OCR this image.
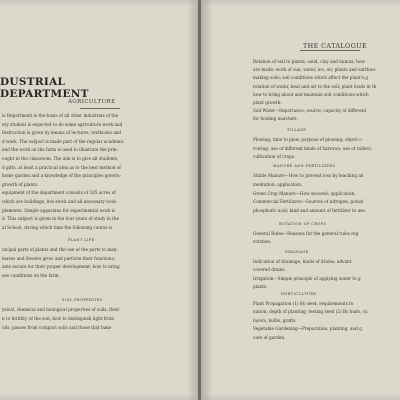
DUSTRIAL DEPARTMENT
AGRICULTURE
is Department is the basis of all other industries of the
ery student is expected to do some agriculture work and
Instruction is given by means of lectures, textbooks and
d work. The subject is made part of the regular academic
and the work on the farm is used to illustrate the prin-
ought in the classroom. The aim is to give all students,
d girls, at least a practical idea as to the best method of
home garden and a knowledge of the principles govern-
growth of plants.
equipment of the department consists of 185 acres of
which are buildings, live stock and all necessary tools
plements. Simple apparatus for experimental work is
d. This subject is given in the four years of study in the
al School, during which time the following course is
PLANT LIFE
incipal parts of plants and the use of the parts to man;
leaves and flowers grow and perform their functions;
ants secure for their proper development; how to bring
ese conditions on the farm.
SOIL PROPERTIES
ysical, chemical and biological properties of soils, their
n to fertility of the soil; how to distinguish light from
oils; passes from compact soils and those that bake
Relation of soil to plants; sand, clay and humus; how
are made; work of sun, water, ice, air, plants and earthwo
making soils; soil conditions which affect the plant's g
relation of water, heat and air to the soil; plant foods in th
how to bring about and maintain soil conditions which
plant growth.
Soil Water—Importance; source; capacity of different
for holding moisture.
TILLAGE
Plowing; time to plow, purpose of plowing; object o
rowing; use of different kinds of harrows; use of rollers;
cultivation of crops.
MANURE AND FERTILIZERS
Stable Manure—How to prevent loss by leaching an
mentation; application.
Green Crop Manure—How secured; application.
Commercial Fertilizers—Sources of nitrogen, potasl
phosphoric acid; kind and amount of fertilizer to use.
ROTATION OF CROPS
General Rules—Reasons for the general rules reg
rotation.
DRAINAGE
Indication of drainage, kinds of drains; advant
covered drains.
Irrigation—Simple principle of applying water to g
plants.
HORTICULTURE
Plant Propagation (1) By seed; requirements fo
nation; depth of planting; testing seed (2) By buds, cu
layers, bulbs, grafts.
Vegetable Gardening—Preparation, planting, and g
care of garden.
THE CATALOGUE
